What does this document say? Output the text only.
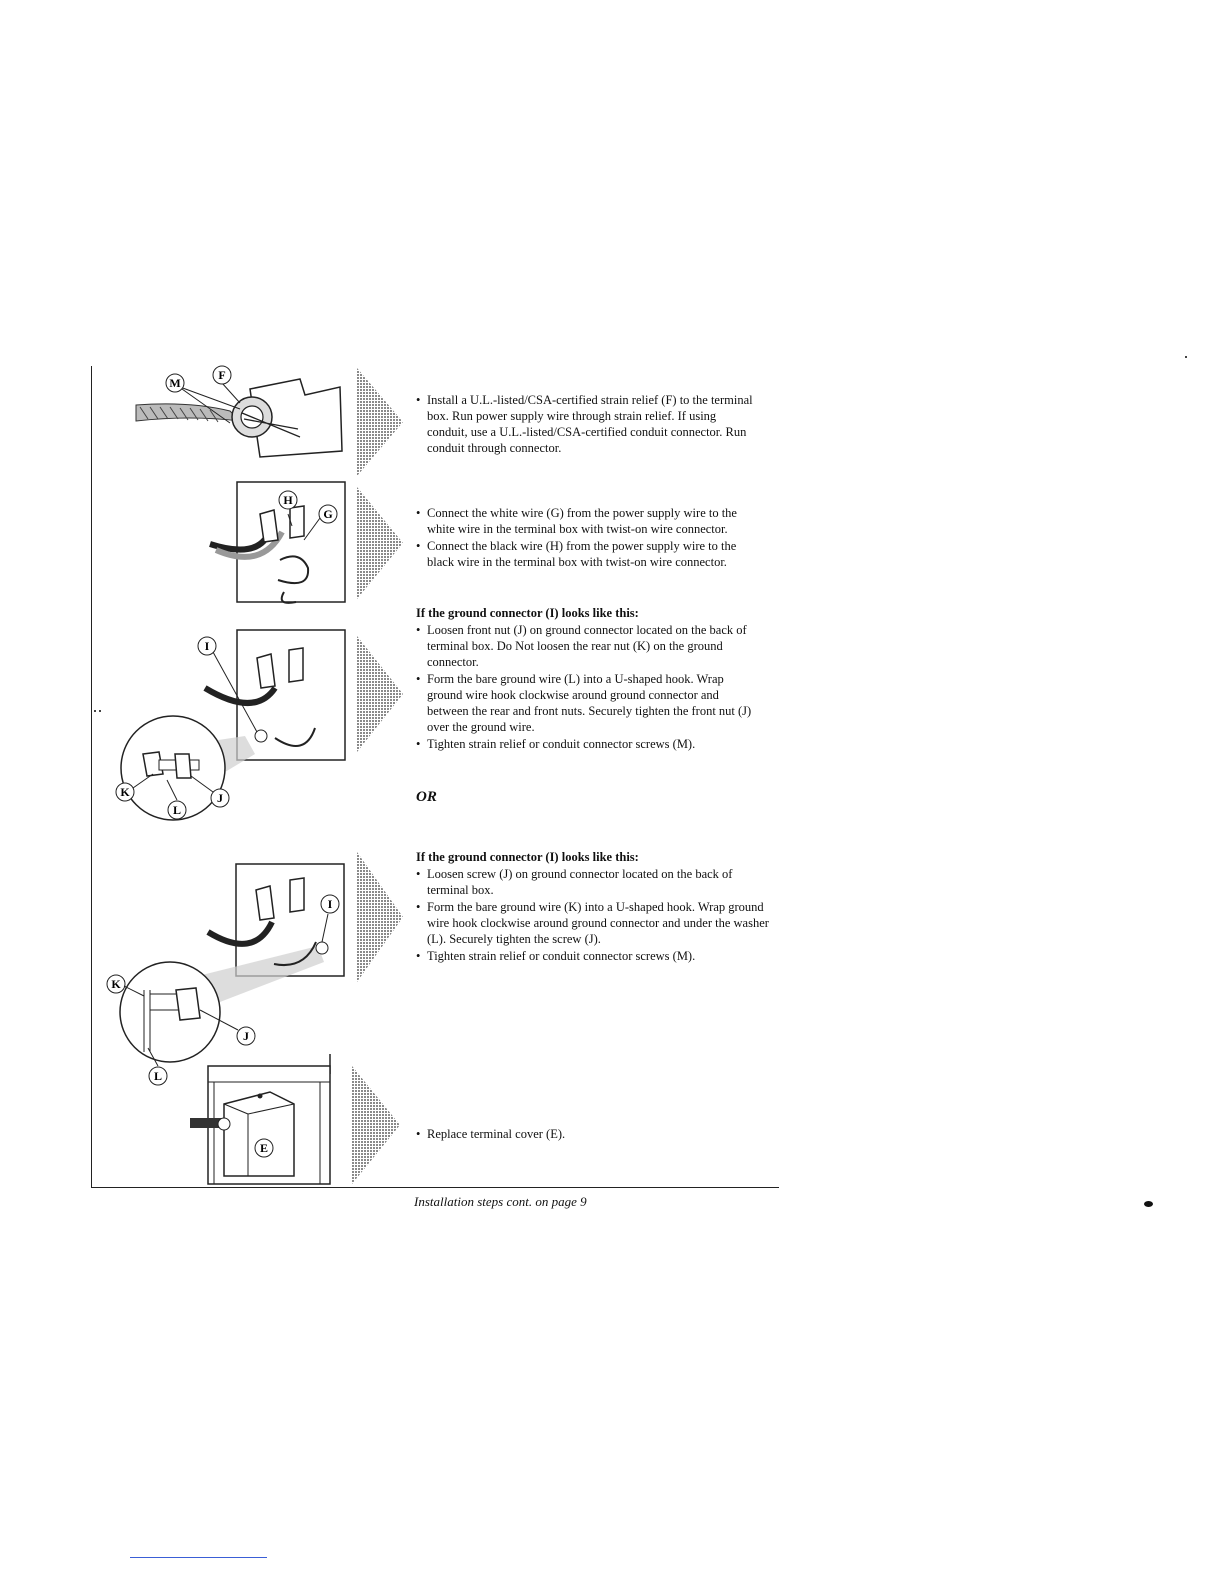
M
F
H
G
K
L
J
I
K
J
L
I
E
• Install a U.L.-listed/CSA-certified strain relief (F) to the terminal box. Run power supply wire through strain relief. If using conduit, use a U.L.-listed/CSA-certified conduit connector. Run conduit through connector.
• Connect the white wire (G) from the power supply wire to the white wire in the terminal box with twist-on wire connector.
• Connect the black wire (H) from the power supply wire to the black wire in the terminal box with twist-on wire connector.
If the ground connector (I) looks like this:
• Loosen front nut (J) on ground connector located on the back of terminal box. Do Not loosen the rear nut (K) on the ground connector.
• Form the bare ground wire (L) into a U-shaped hook. Wrap ground wire hook clockwise around ground connector and between the rear and front nuts. Securely tighten the front nut (J) over the ground wire.
• Tighten strain relief or conduit connector screws (M).
OR
If the ground connector (I) looks like this:
• Loosen screw (J) on ground connector located on the back of terminal box.
• Form the bare ground wire (K) into a U-shaped hook. Wrap ground wire hook clockwise around ground connector and under the washer (L). Securely tighten the screw (J).
• Tighten strain relief or conduit connector screws (M).
• Replace terminal cover (E).
Installation steps cont. on page 9
